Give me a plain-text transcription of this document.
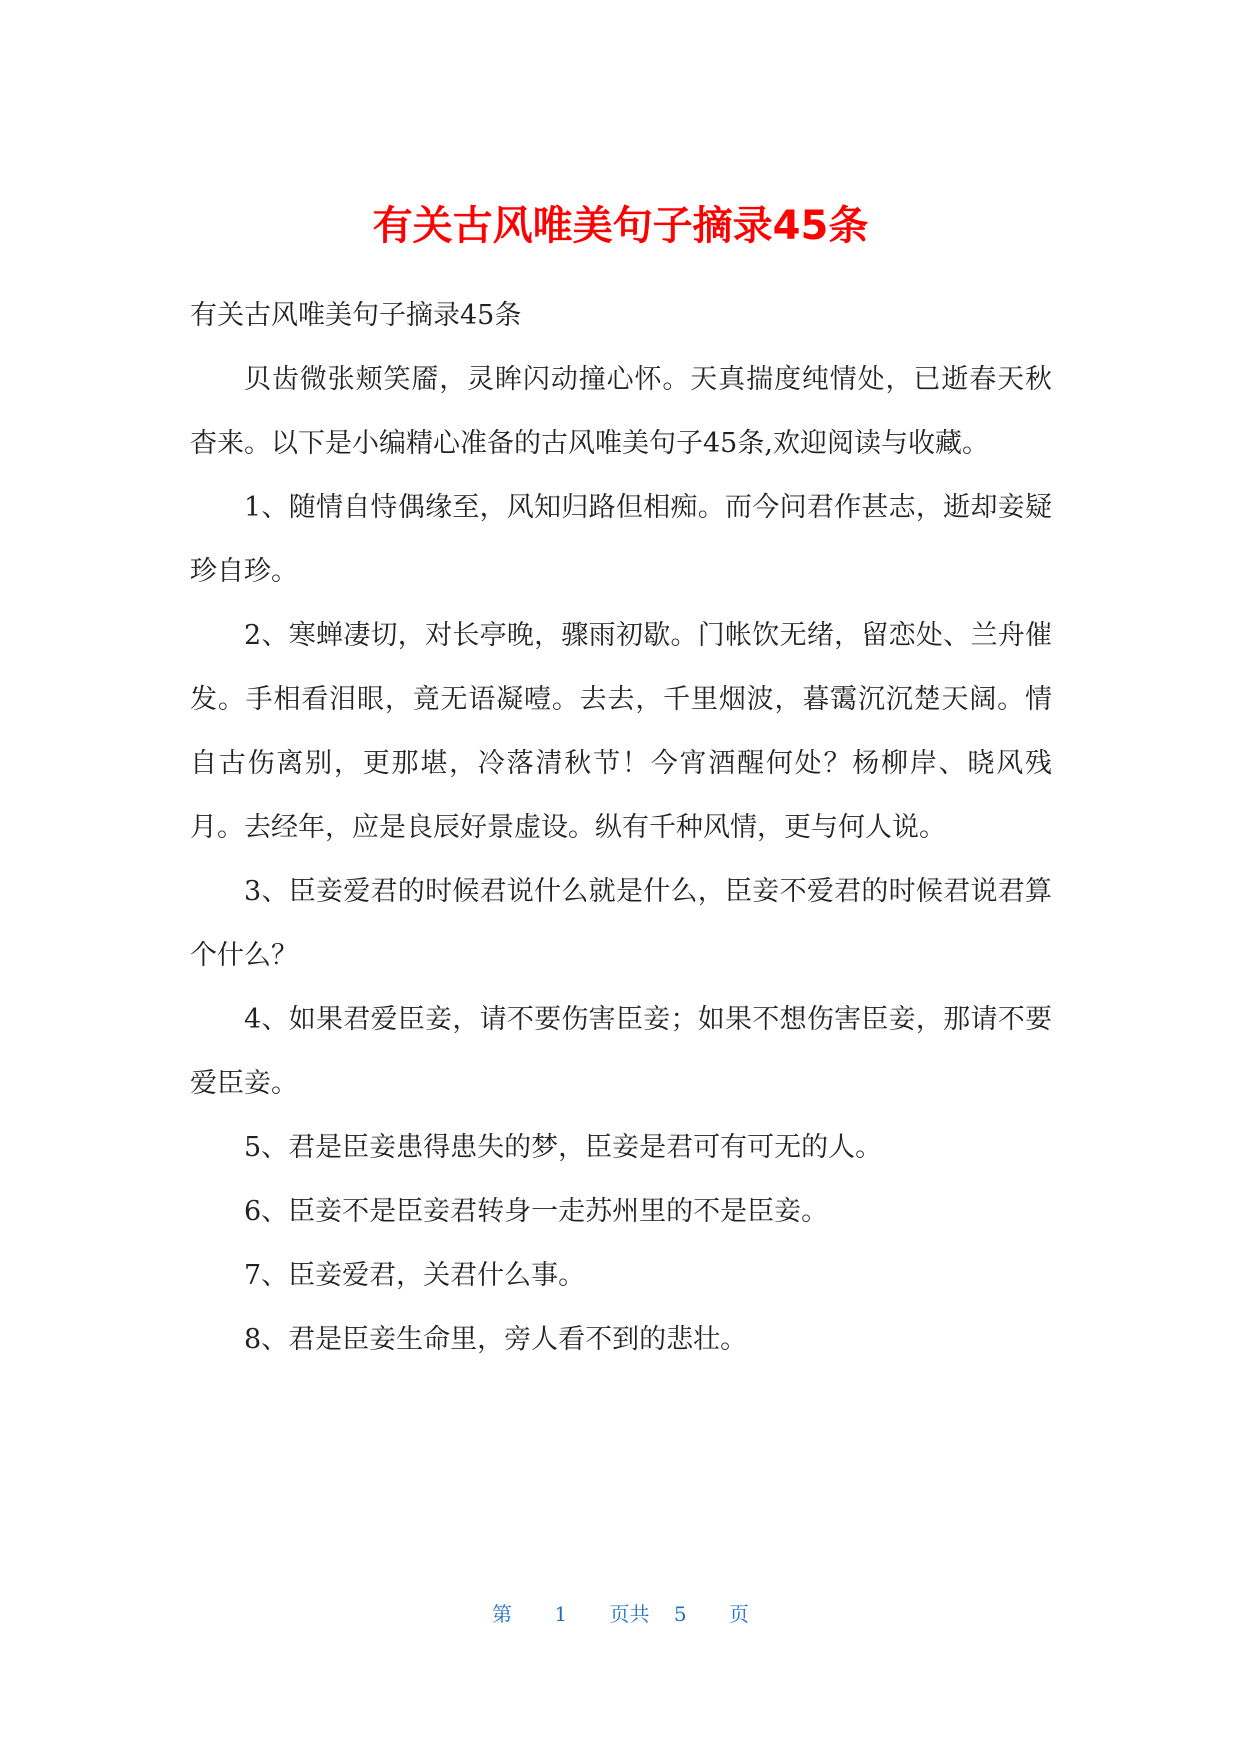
有关古风唯美句子摘录45条

有关古风唯美句子摘录45条

贝齿微张颊笑靥，灵眸闪动撞心怀。天真揣度纯情处，已逝春天秋杳来。以下是小编精心准备的古风唯美句子45条,欢迎阅读与收藏。

1、随情自恃偶缘至，风知归路但相痴。而今问君作甚志，逝却妾疑珍自珍。

2、寒蝉凄切，对长亭晚，骤雨初歇。门帐饮无绪，留恋处、兰舟催发。手相看泪眼，竟无语凝噎。去去，千里烟波，暮霭沉沉楚天阔。情自古伤离别，更那堪，冷落清秋节！今宵酒醒何处？杨柳岸、晓风残月。去经年，应是良辰好景虚设。纵有千种风情，更与何人说。

3、臣妾爱君的时候君说什么就是什么，臣妾不爱君的时候君说君算个什么？

4、如果君爱臣妾，请不要伤害臣妾；如果不想伤害臣妾，那请不要爱臣妾。

5、君是臣妾患得患失的梦，臣妾是君可有可无的人。

6、臣妾不是臣妾君转身一走苏州里的不是臣妾。

7、臣妾爱君，关君什么事。

8、君是臣妾生命里，旁人看不到的悲壮。

第 1 页共 5 页
